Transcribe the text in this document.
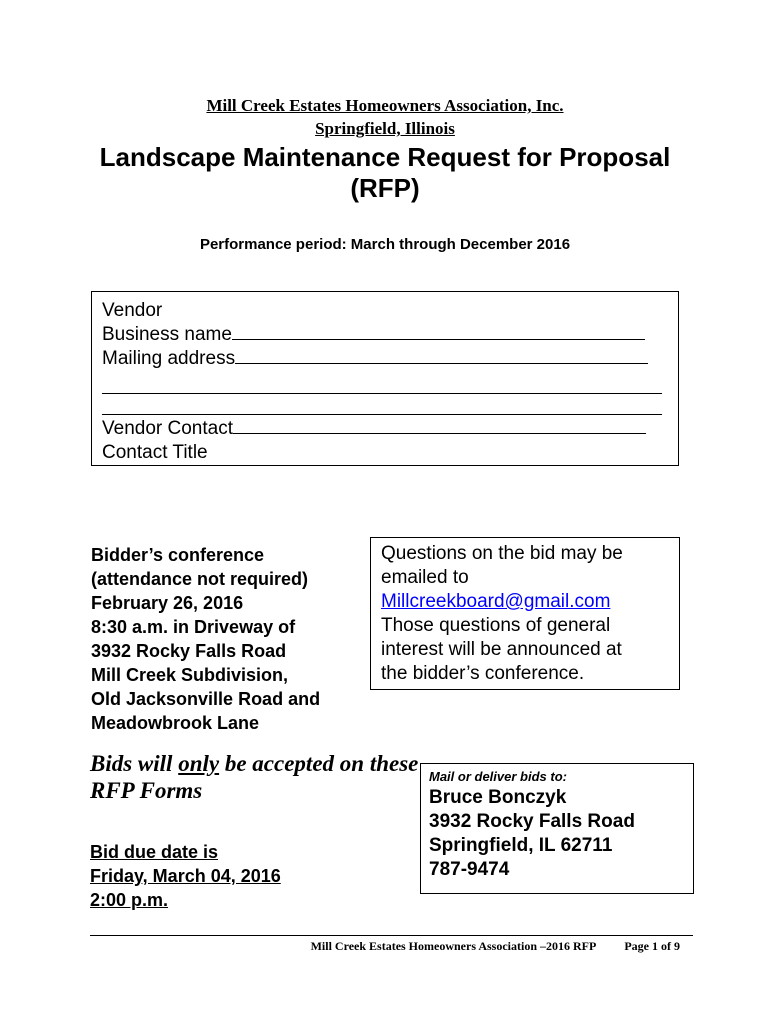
Mill Creek Estates Homeowners Association, Inc.
Springfield, Illinois
Landscape Maintenance Request for Proposal
(RFP)
Performance period: March through December 2016
Vendor
Business name
Mailing address
Vendor Contact
Contact Title
Bidder’s conference
(attendance not required)
February 26, 2016
8:30 a.m. in Driveway of
3932 Rocky Falls Road
Mill Creek Subdivision,
Old Jacksonville Road and
Meadowbrook Lane
Questions on the bid may be
emailed to
Millcreekboard@gmail.com
Those questions of general
interest will be announced at
the bidder’s conference.
Bids will only be accepted on these
RFP Forms
Mail or deliver bids to:
Bruce Bonczyk
3932 Rocky Falls Road
Springfield, IL 62711
787-9474
Bid due date is
Friday, March 04, 2016
2:00 p.m.
Mill Creek Estates Homeowners Association –2016 RFP Page 1 of 9
